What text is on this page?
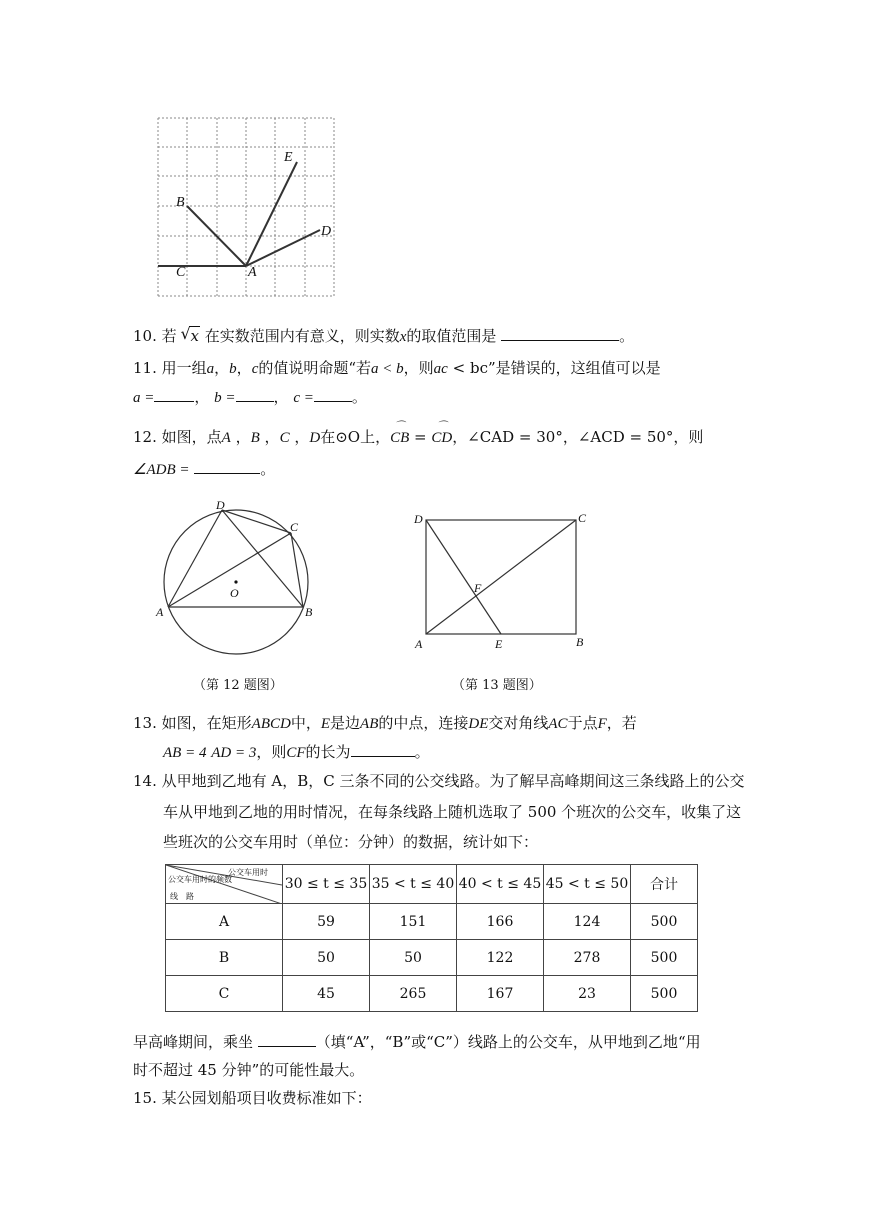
E
B
D
C	A
10. 若 √ x 在实数范围内有意义，则实数x的取值范围是	。
11. 用一组a，b，c的值说明命题“若a < b，则ac < bc”是错误的，这组值可以是
a =	， b =	， c =	。
12. 如图，点A ，B ，C ，D在⊙O上，⌒ CB = ⌒ CD，∠CAD = 30°，∠ACD = 50°，则
∠ADB =	。
D
C
O
A	B
（第 12 题图）
D	C
F
A	E	B
（第 13 题图）
13. 如图，在矩形ABCD中，E是边AB的中点，连接DE交对角线AC于点F，若
AB = 4 AD = 3，则CF的长为	。
14. 从甲地到乙地有 A，B，C 三条不同的公交线路。为了解早高峰期间这三条线路上的公交
车从甲地到乙地的用时情况，在每条线路上随机选取了 500 个班次的公交车，收集了这
些班次的公交车用时（单位：分钟）的数据，统计如下：
公交车用时
公交车用时的频数
线　路	30 ≤ t ≤ 35	35 < t ≤ 40	40 < t ≤ 45	45 < t ≤ 50	合计
A	59	151	166	124	500
B	50	50	122	278	500
C	45	265	167	23	500
早高峰期间，乘坐	（填“A”，“B”或“C”）线路上的公交车，从甲地到乙地“用
时不超过 45 分钟”的可能性最大。
15. 某公园划船项目收费标准如下：
